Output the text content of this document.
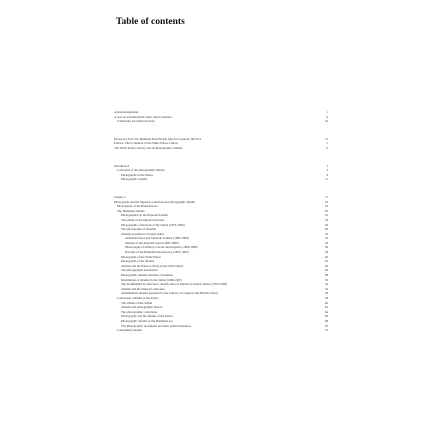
Table of contents
Acknowledgements	i
A note on transliteration, dates, and translation	ii
Commonly used abbreviations	iii
Excerpt by Prof. Dr. Mahmud Esad Efendi, Director General, IRCICA	iv
Preface: The Formation of the Yildiz Palace Library	v
The Yildiz Palace Library and its Photographic Albums	vi
Introduction	1
Collection of the photographic albums	3
Photographs in the Palace	8
Photographic identity	11
Chapter 1	15
Photographs and the imperial collection and photographic albums	16
Photographs of the Hamidian era	18
The Hamidian albums	20
Photographers in the Imperial domain	22
The album of the Imperial Arsenal	24
Photographic collections of the Sultan (1876-1909)	26
The photographs of Istanbul	28
Albums presented to foreign states	30
Abdullah Frères and Sebah & Joaillier (1880-1899)	32
Albums of the Imperial Guard (1885-1890)	34
Photographs of military schools and hospitals (1890-1899)	36
Portraits of the Hamidian bureaucracy (1893-1905)	38
Photographs of the Yildiz Palace	40
Photographs of the albums	42
Albums and the Palace Library in the 19th century	44
The photographic department	46
Photographic albums and their circulation	48
Distribution of albums by the Sultan (1890-1905)	50
The Abdülhamid II collection: classification of albums by subject matter (1876-1909)	52
Albums and the imperial collection	54
Abdülhamid's albums presented to the Library of Congress and British Library	56
Conclusion: Albums in the Palace	58
The albums of the Sultan	60
Albums and photographic history	62
The photographic collections	64
Photography and the albums of the Palace	66
Photographic albums of the Hamidian era	68
The Photographic documents and their archival histories	70
Concluding remarks	72
